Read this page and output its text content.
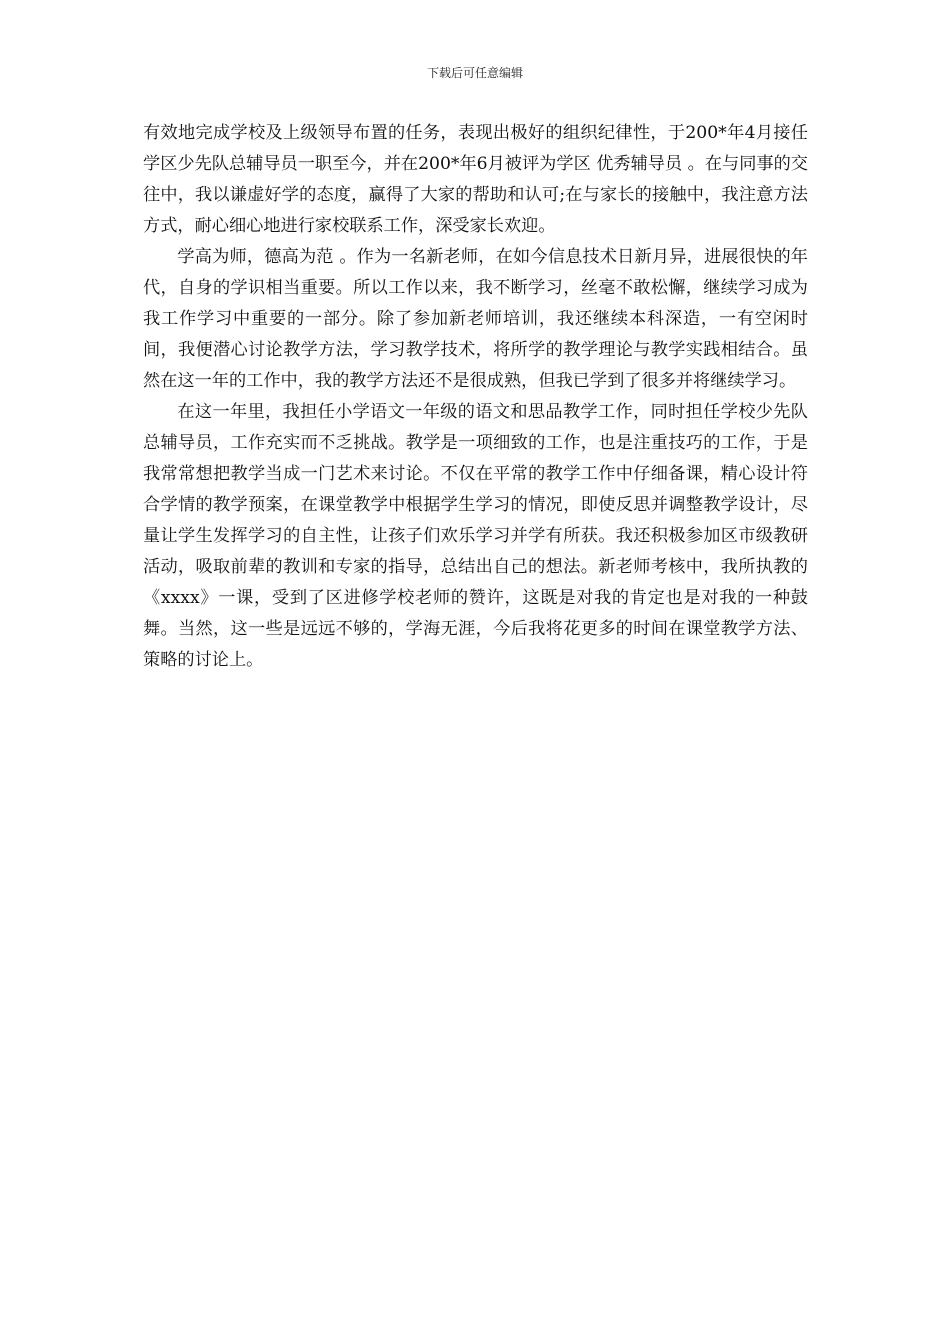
下载后可任意编辑

有效地完成学校及上级领导布置的任务，表现出极好的组织纪律性，于200*年4月接任学区少先队总辅导员一职至今，并在200*年6月被评为学区 优秀辅导员 。在与同事的交往中，我以谦虚好学的态度，赢得了大家的帮助和认可;在与家长的接触中，我注意方法方式，耐心细心地进行家校联系工作，深受家长欢迎。

学高为师，德高为范 。作为一名新老师，在如今信息技术日新月异，进展很快的年代，自身的学识相当重要。所以工作以来，我不断学习，丝毫不敢松懈，继续学习成为我工作学习中重要的一部分。除了参加新老师培训，我还继续本科深造，一有空闲时间，我便潜心讨论教学方法，学习教学技术，将所学的教学理论与教学实践相结合。虽然在这一年的工作中，我的教学方法还不是很成熟，但我已学到了很多并将继续学习。

在这一年里，我担任小学语文一年级的语文和思品教学工作，同时担任学校少先队总辅导员，工作充实而不乏挑战。教学是一项细致的工作，也是注重技巧的工作，于是我常常想把教学当成一门艺术来讨论。不仅在平常的教学工作中仔细备课，精心设计符合学情的教学预案，在课堂教学中根据学生学习的情况，即使反思并调整教学设计，尽量让学生发挥学习的自主性，让孩子们欢乐学习并学有所获。我还积极参加区市级教研活动，吸取前辈的教训和专家的指导，总结出自己的想法。新老师考核中，我所执教的《xxxx》一课，受到了区进修学校老师的赞许，这既是对我的肯定也是对我的一种鼓舞。当然，这一些是远远不够的，学海无涯，今后我将花更多的时间在课堂教学方法、策略的讨论上。
